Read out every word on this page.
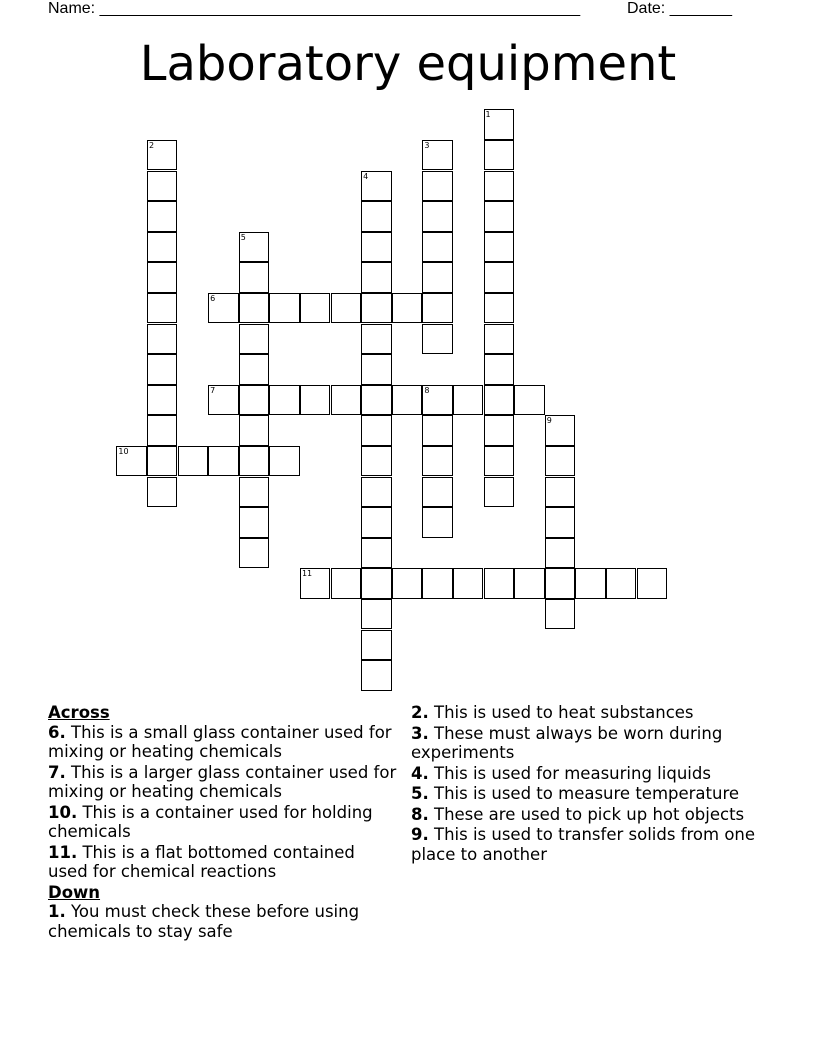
Name: ______________________________________________________	Date: _______
Laboratory equipment
1
2	3
4
5
6
7	8
9
10
11
Across
6. This is a small glass container used for mixing or heating chemicals
7. This is a larger glass container used for mixing or heating chemicals
10. This is a container used for holding chemicals
11. This is a flat bottomed contained used for chemical reactions
Down
1. You must check these before using chemicals to stay safe
2. This is used to heat substances
3. These must always be worn during experiments
4. This is used for measuring liquids
5. This is used to measure temperature
8. These are used to pick up hot objects
9. This is used to transfer solids from one place to another
